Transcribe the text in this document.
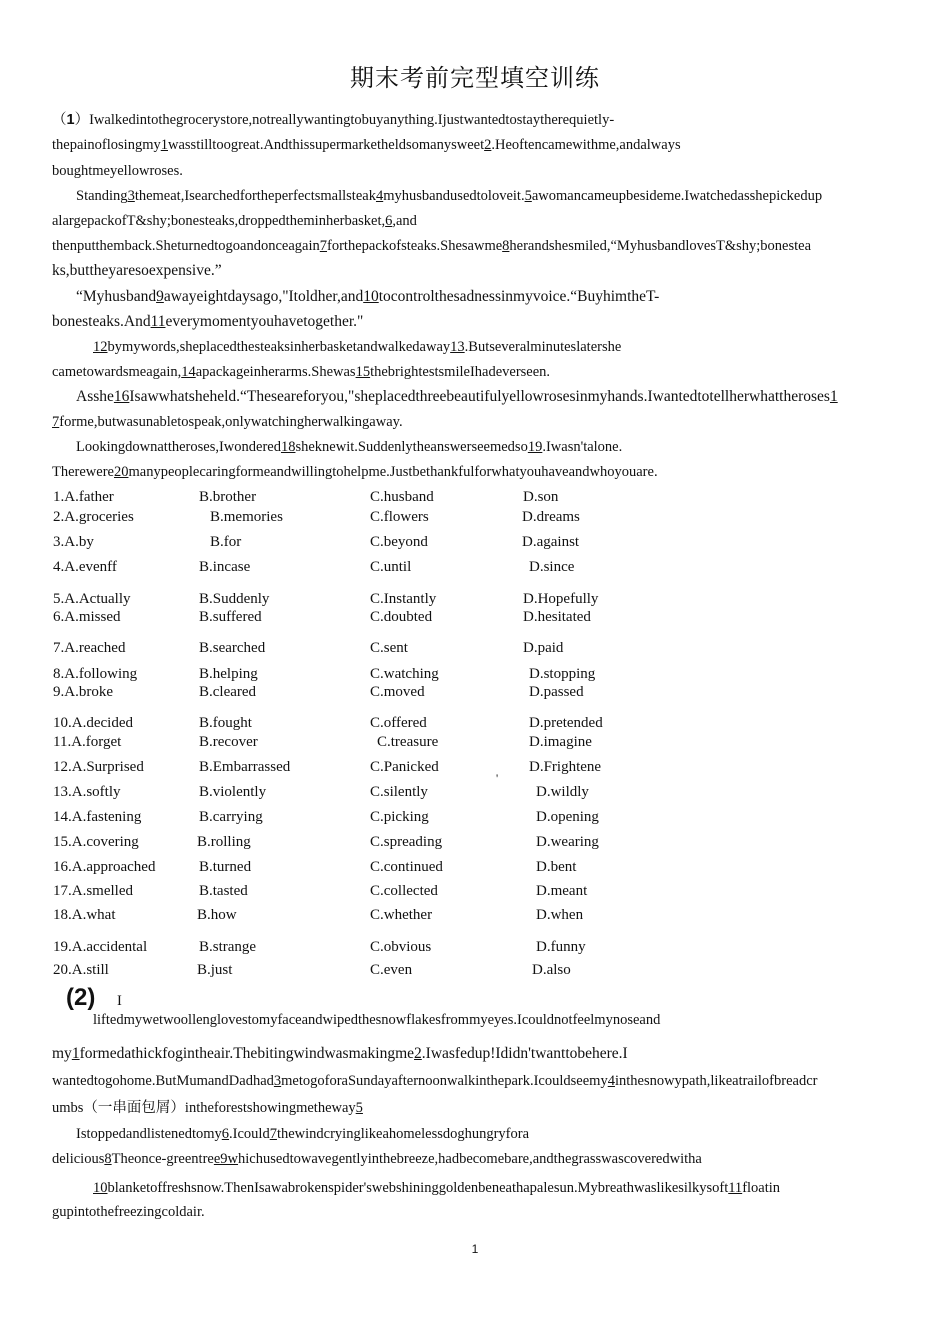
期末考前完型填空训练
（1）Iwalkedintothegrocerystore,notreallywantingtobuyanything.Ijustwantedtostaytherequietly-
thepainoflosingmy1wasstilltoogreat.Andthissupermarketheldsomanysweet2.Heoftencamewithme,andalways
boughtmeyellowroses.
Standing3themeat,Isearchedfortheperfectsmallsteak4myhusbandusedtoloveit.5awomancameupbesideme.Iwatchedasshepickedup
alargepackofT&shy;bonesteaks,droppedtheminherbasket,6,and
thenputthemback.Sheturnedtogoandonceagain7forthepackofsteaks.Shesawme8herandshesmiled,“MyhusbandlovesT&shy;bonestea
ks,buttheyaresoexpensive.”
“Myhusband9awayeightdaysago,"Itoldher,and10tocontrolthesadnessinmyvoice.“BuyhimtheT-
bonesteaks.And11everymomentyouhavetogether."
12bymywords,sheplacedthesteaksinherbasketandwalkedaway13.Butseveralminuteslatershe
cametowardsmeagain,14apackageinherarms.Shewas15thebrightestsmileIhadeverseen.
Asshe16Isawwhatsheheld.“Theseareforyou,"sheplacedthreebeautifulyellowrosesinmyhands.Iwantedtotellherwhattheroses1
7forme,butwasunabletospeak,onlywatchingherwalkingaway.
Lookingdownattheroses,Iwondered18sheknewit.Suddenlytheanswerseemedso19.Iwasn'talone.
Therewere20manypeoplecaringformeandwillingtohelpme.Justbethankfulforwhatyouhaveandwhoyouare.
1.A.father	B.brother	C.husband	D.son
2.A.groceries	B.memories	C.flowers	D.dreams
3.A.by	B.for	C.beyond	D.against
4.A.evenff	B.incase	C.until	D.since
5.A.Actually	B.Suddenly	C.Instantly	D.Hopefully
6.A.missed	B.suffered	C.doubted	D.hesitated
7.A.reached	B.searched	C.sent	D.paid
8.A.following	B.helping	C.watching	D.stopping
9.A.broke	B.cleared	C.moved	D.passed
10.A.decided	B.fought	C.offered	D.pretended
11.A.forget	B.recover	C.treasure	D.imagine
12.A.Surprised	B.Embarrassed	C.Panicked	D.Frightene
13.A.softly	B.violently	C.silently	D.wildly
14.A.fastening	B.carrying	C.picking	D.opening
15.A.covering	B.rolling	C.spreading	D.wearing
16.A.approached	B.turned	C.continued	D.bent
17.A.smelled	B.tasted	C.collected	D.meant
18.A.what	B.how	C.whether	D.when
19.A.accidental	B.strange	C.obvious	D.funny
20.A.still	B.just	C.even	D.also
'
(2) I
liftedmywetwoollenglovestomyfaceandwipedthesnowflakesfrommyeyes.Icouldnotfeelmynoseand
my1formedathickfogintheair.Thebitingwindwasmakingme2.Iwasfedup!Ididn'twanttobehere.I
wantedtogohome.ButMumandDadhad3metogoforaSundayafternoonwalkinthepark.Icouldseemy4inthesnowypath,likeatrailofbreadcr
umbs（一串面包屑）intheforestshowingmetheway5
Istoppedandlistenedtomy6.Icould7thewindcryinglikeahomelessdoghungryfora
delicious8Theonce-greentree9whichusedtowavegentlyinthebreeze,hadbecomebare,andthegrasswascoveredwitha
10blanketoffreshsnow.ThenIsawabrokenspider'swebshininggoldenbeneathapalesun.Mybreathwaslikesilkysoft11floatin
gupintothefreezingcoldair.
1
